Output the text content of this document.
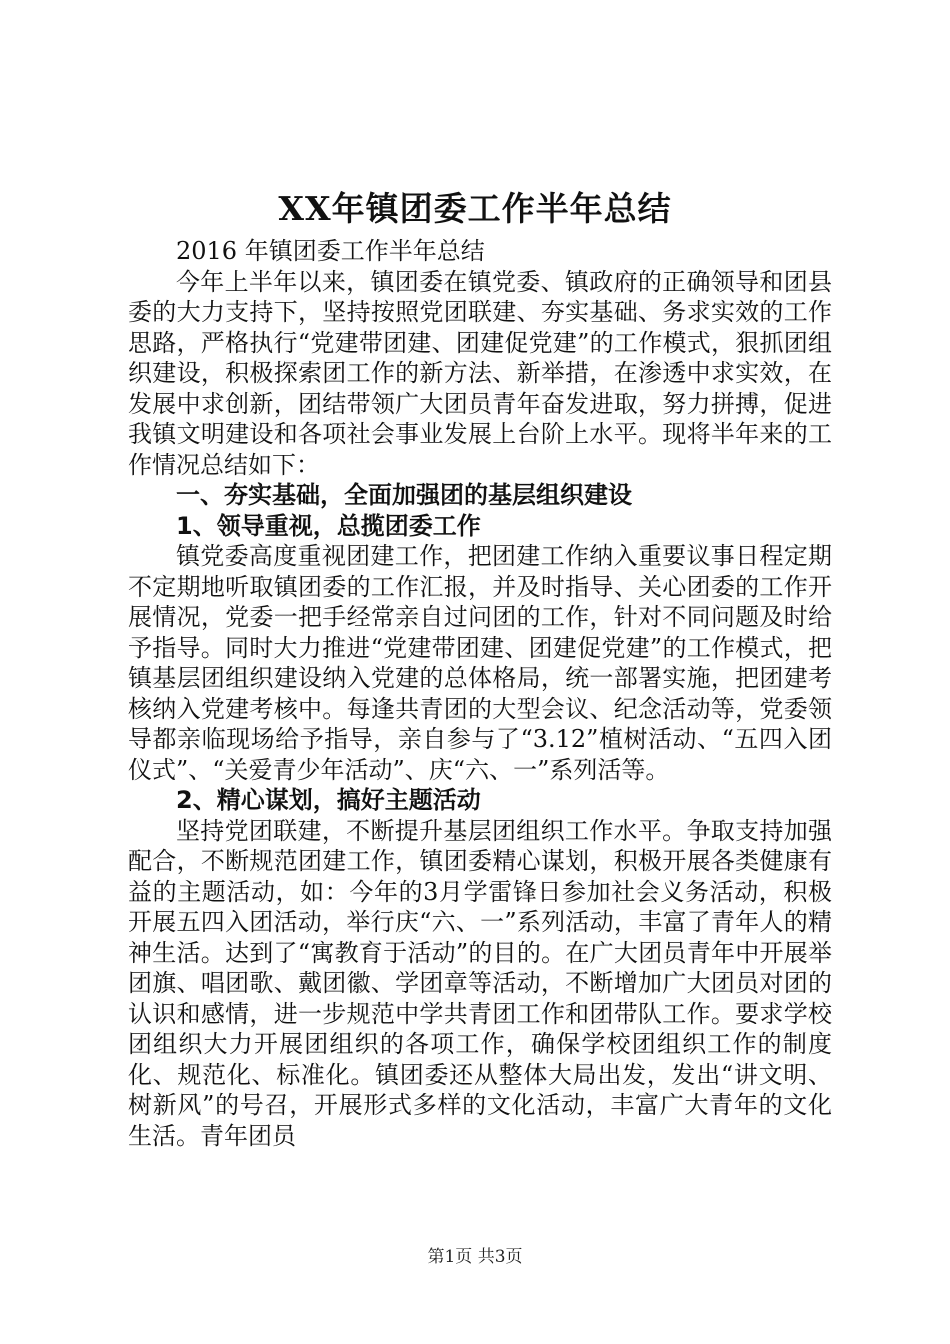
XX年镇团委工作半年总结

2016 年镇团委工作半年总结

今年上半年以来，镇团委在镇党委、镇政府的正确领导和团县委的大力支持下，坚持按照党团联建、夯实基础、务求实效的工作思路，严格执行“党建带团建、团建促党建”的工作模式，狠抓团组织建设，积极探索团工作的新方法、新举措，在渗透中求实效，在发展中求创新，团结带领广大团员青年奋发进取，努力拼搏，促进我镇文明建设和各项社会事业发展上台阶上水平。现将半年来的工作情况总结如下：

一、夯实基础，全面加强团的基层组织建设
1、领导重视，总揽团委工作

镇党委高度重视团建工作，把团建工作纳入重要议事日程定期不定期地听取镇团委的工作汇报，并及时指导、关心团委的工作开展情况，党委一把手经常亲自过问团的工作，针对不同问题及时给予指导。同时大力推进“党建带团建、团建促党建”的工作模式，把镇基层团组织建设纳入党建的总体格局，统一部署实施，把团建考核纳入党建考核中。每逢共青团的大型会议、纪念活动等，党委领导都亲临现场给予指导，亲自参与了“3.12”植树活动、“五四入团仪式”、“关爱青少年活动”、庆“六、一”系列活等。

2、精心谋划，搞好主题活动

坚持党团联建，不断提升基层团组织工作水平。争取支持加强配合，不断规范团建工作，镇团委精心谋划，积极开展各类健康有益的主题活动，如：今年的3月学雷锋日参加社会义务活动，积极开展五四入团活动，举行庆“六、一”系列活动，丰富了青年人的精神生活。达到了“寓教育于活动”的目的。在广大团员青年中开展举团旗、唱团歌、戴团徽、学团章等活动，不断增加广大团员对团的认识和感情，进一步规范中学共青团工作和团带队工作。要求学校团组织大力开展团组织的各项工作，确保学校团组织工作的制度化、规范化、标准化。镇团委还从整体大局出发，发出“讲文明、树新风”的号召，开展形式多样的文化活动，丰富广大青年的文化生活。青年团员

第1页 共3页
